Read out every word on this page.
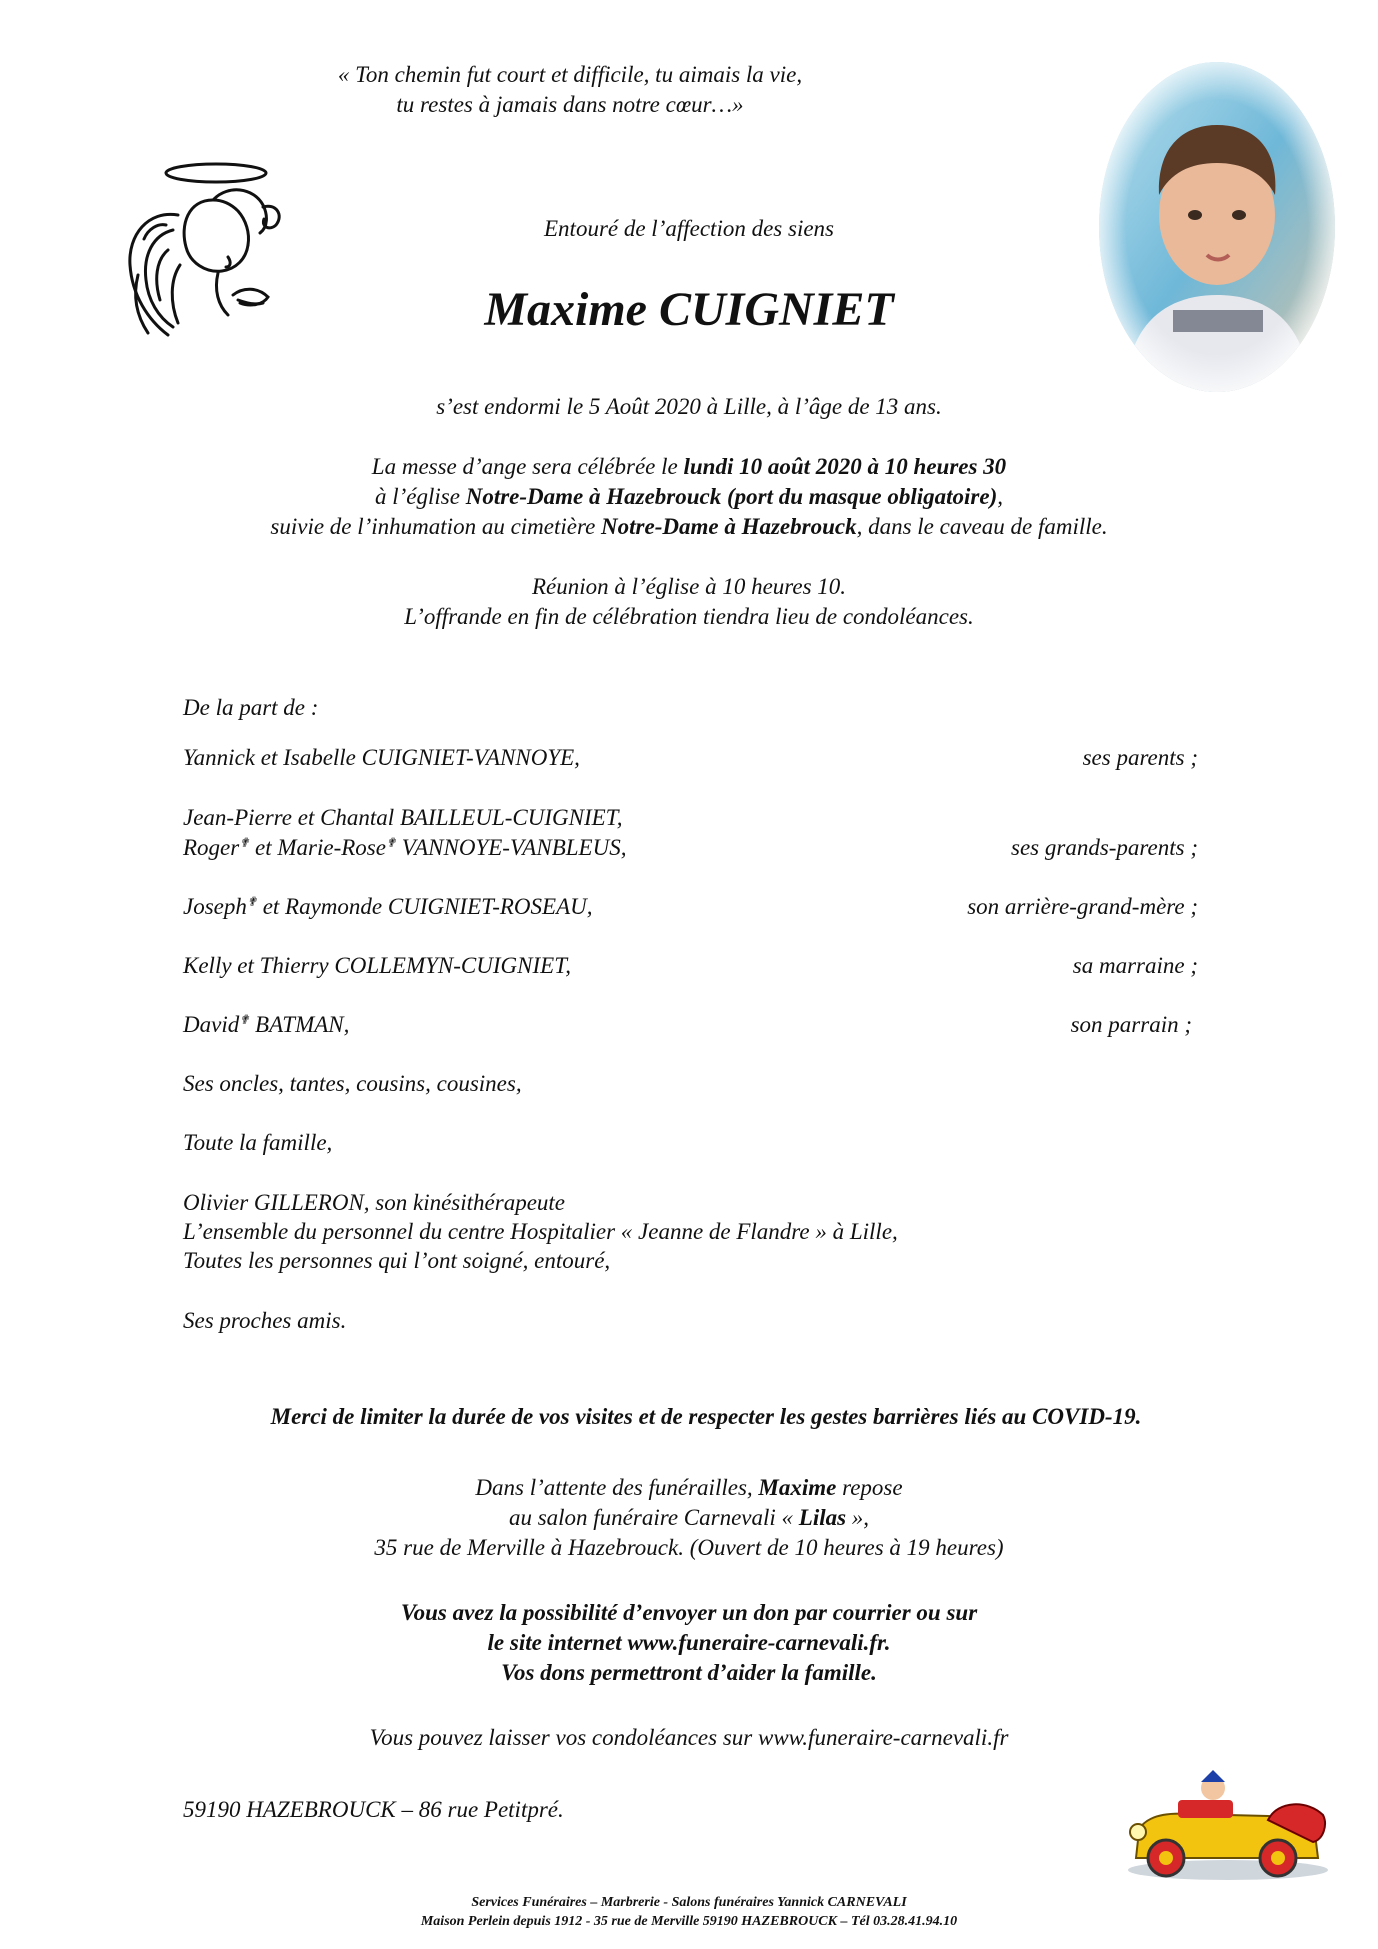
« Ton chemin fut court et difficile, tu aimais la vie,
tu restes à jamais dans notre cœur…»
Entouré de l’affection des siens
Maxime CUIGNIET
s’est endormi le 5 Août 2020 à Lille, à l’âge de 13 ans.
La messe d’ange sera célébrée le lundi 10 août 2020 à 10 heures 30
à l’église Notre-Dame à Hazebrouck (port du masque obligatoire),
suivie de l’inhumation au cimetière Notre-Dame à Hazebrouck, dans le caveau de famille.
Réunion à l’église à 10 heures 10.
L’offrande en fin de célébration tiendra lieu de condoléances.
De la part de :
Yannick et Isabelle CUIGNIET-VANNOYE,	ses parents ;
Jean-Pierre et Chantal BAILLEUL-CUIGNIET,
Roger✟ et Marie-Rose✟ VANNOYE-VANBLEUS,	ses grands-parents ;
Joseph✟ et Raymonde CUIGNIET-ROSEAU,	son arrière-grand-mère ;
Kelly et Thierry COLLEMYN-CUIGNIET,	sa marraine ;
David✟ BATMAN,	son parrain ;
Ses oncles, tantes, cousins, cousines,
Toute la famille,
Olivier GILLERON, son kinésithérapeute
L’ensemble du personnel du centre Hospitalier « Jeanne de Flandre » à Lille,
Toutes les personnes qui l’ont soigné, entouré,
Ses proches amis.
Merci de limiter la durée de vos visites et de respecter les gestes barrières liés au COVID-19.
Dans l’attente des funérailles, Maxime repose
au salon funéraire Carnevali « Lilas »,
35 rue de Merville à Hazebrouck. (Ouvert de 10 heures à 19 heures)
Vous avez la possibilité d’envoyer un don par courrier ou sur
le site internet www.funeraire-carnevali.fr.
Vos dons permettront d’aider la famille.
Vous pouvez laisser vos condoléances sur www.funeraire-carnevali.fr
59190 HAZEBROUCK – 86 rue Petitpré.
Services Funéraires – Marbrerie - Salons funéraires Yannick CARNEVALI
Maison Perlein depuis 1912 - 35 rue de Merville 59190 HAZEBROUCK – Tél 03.28.41.94.10
